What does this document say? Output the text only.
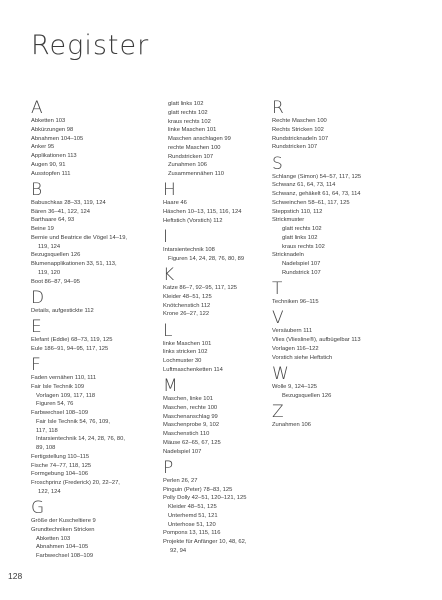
Register
A
Abketten 103
Abkürzungen 98
Abnahmen 104–105
Anker 95
Applikationen 113
Augen 90, 91
Ausstopfen 111
B
Babuschkas 28–33, 119, 124
Bären 36–41, 122, 124
Barthaare 64, 93
Beine 19
Bernie und Beatrice die Vögel 14–19,
119, 124
Bezugsquellen 126
Blumenapplikationen 33, 51, 113,
119, 120
Boot 86–87, 94–95
D
Details, aufgestickte 112
E
Elefant (Eddie) 68–73, 119, 125
Eule 186–91, 94–95, 117, 125
F
Faden vernähen 110, 111
Fair Isle Technik 109
Vorlagen 109, 117, 118
Figuren 54, 76
Farbwechsel 108–109
Fair Isle Technik 54, 76, 109,
117, 118
Intarsientechnik 14, 24, 28, 76, 80,
89, 108
Fertigstellung 110–115
Fische 74–77, 118, 125
Formgebung 104–106
Froschprinz (Frederick) 20, 22–27,
122, 124
G
Größe der Kuscheltiere 9
Grundtechniken Stricken
Abketten 103
Abnahmen 104–105
Farbwechsel 108–109
glatt links 102
glatt rechts 102
kraus rechts 102
linke Maschen 101
Maschen anschlagen 99
rechte Maschen 100
Rundstricken 107
Zunahmen 106
Zusammennähen 110
H
Haare 46
Häschen 10–13, 115, 116, 124
Heftstich (Vorstich) 112
I
Intarsientechnik 108
Figuren 14, 24, 28, 76, 80, 89
K
Katze 86–7, 92–95, 117, 125
Kleider 48–51, 125
Knötchenstich 112
Krone 26–27, 122
L
linke Maschen 101
links stricken 102
Lochmuster 30
Luftmaschenketten 114
M
Maschen, linke 101
Maschen, rechte 100
Maschenanschlag 99
Maschenprobe 9, 102
Maschenstich 110
Mäuse 62–65, 67, 125
Nadelspiel 107
P
Perlen 26, 27
Pinguin (Peter) 78–83, 125
Polly Dolly 42–51, 120–121, 125
Kleider 48–51, 125
Unterhemd 51, 121
Unterhose 51, 120
Pompons 13, 115, 116
Projekte für Anfänger 10, 48, 62,
92, 94
R
Rechte Maschen 100
Rechts Stricken 102
Rundstricknadeln 107
Rundstricken 107
S
Schlange (Simon) 54–57, 117, 125
Schwanz 61, 64, 73, 114
Schwanz, gehäkelt 61, 64, 73, 114
Schweinchen 58–61, 117, 125
Steppstich 110, 112
Strickmuster
glatt rechts 102
glatt links 102
kraus rechts 102
Stricknadeln
Nadelspiel 107
Rundstrick 107
T
Techniken 96–115
V
Versäubern 111
Vlies (Vliesline®), aufbügelbar 113
Vorlagen 116–122
Vorstich siehe Heftstich
W
Wolle 9, 124–125
Bezugsquellen 126
Z
Zunahmen 106
128
